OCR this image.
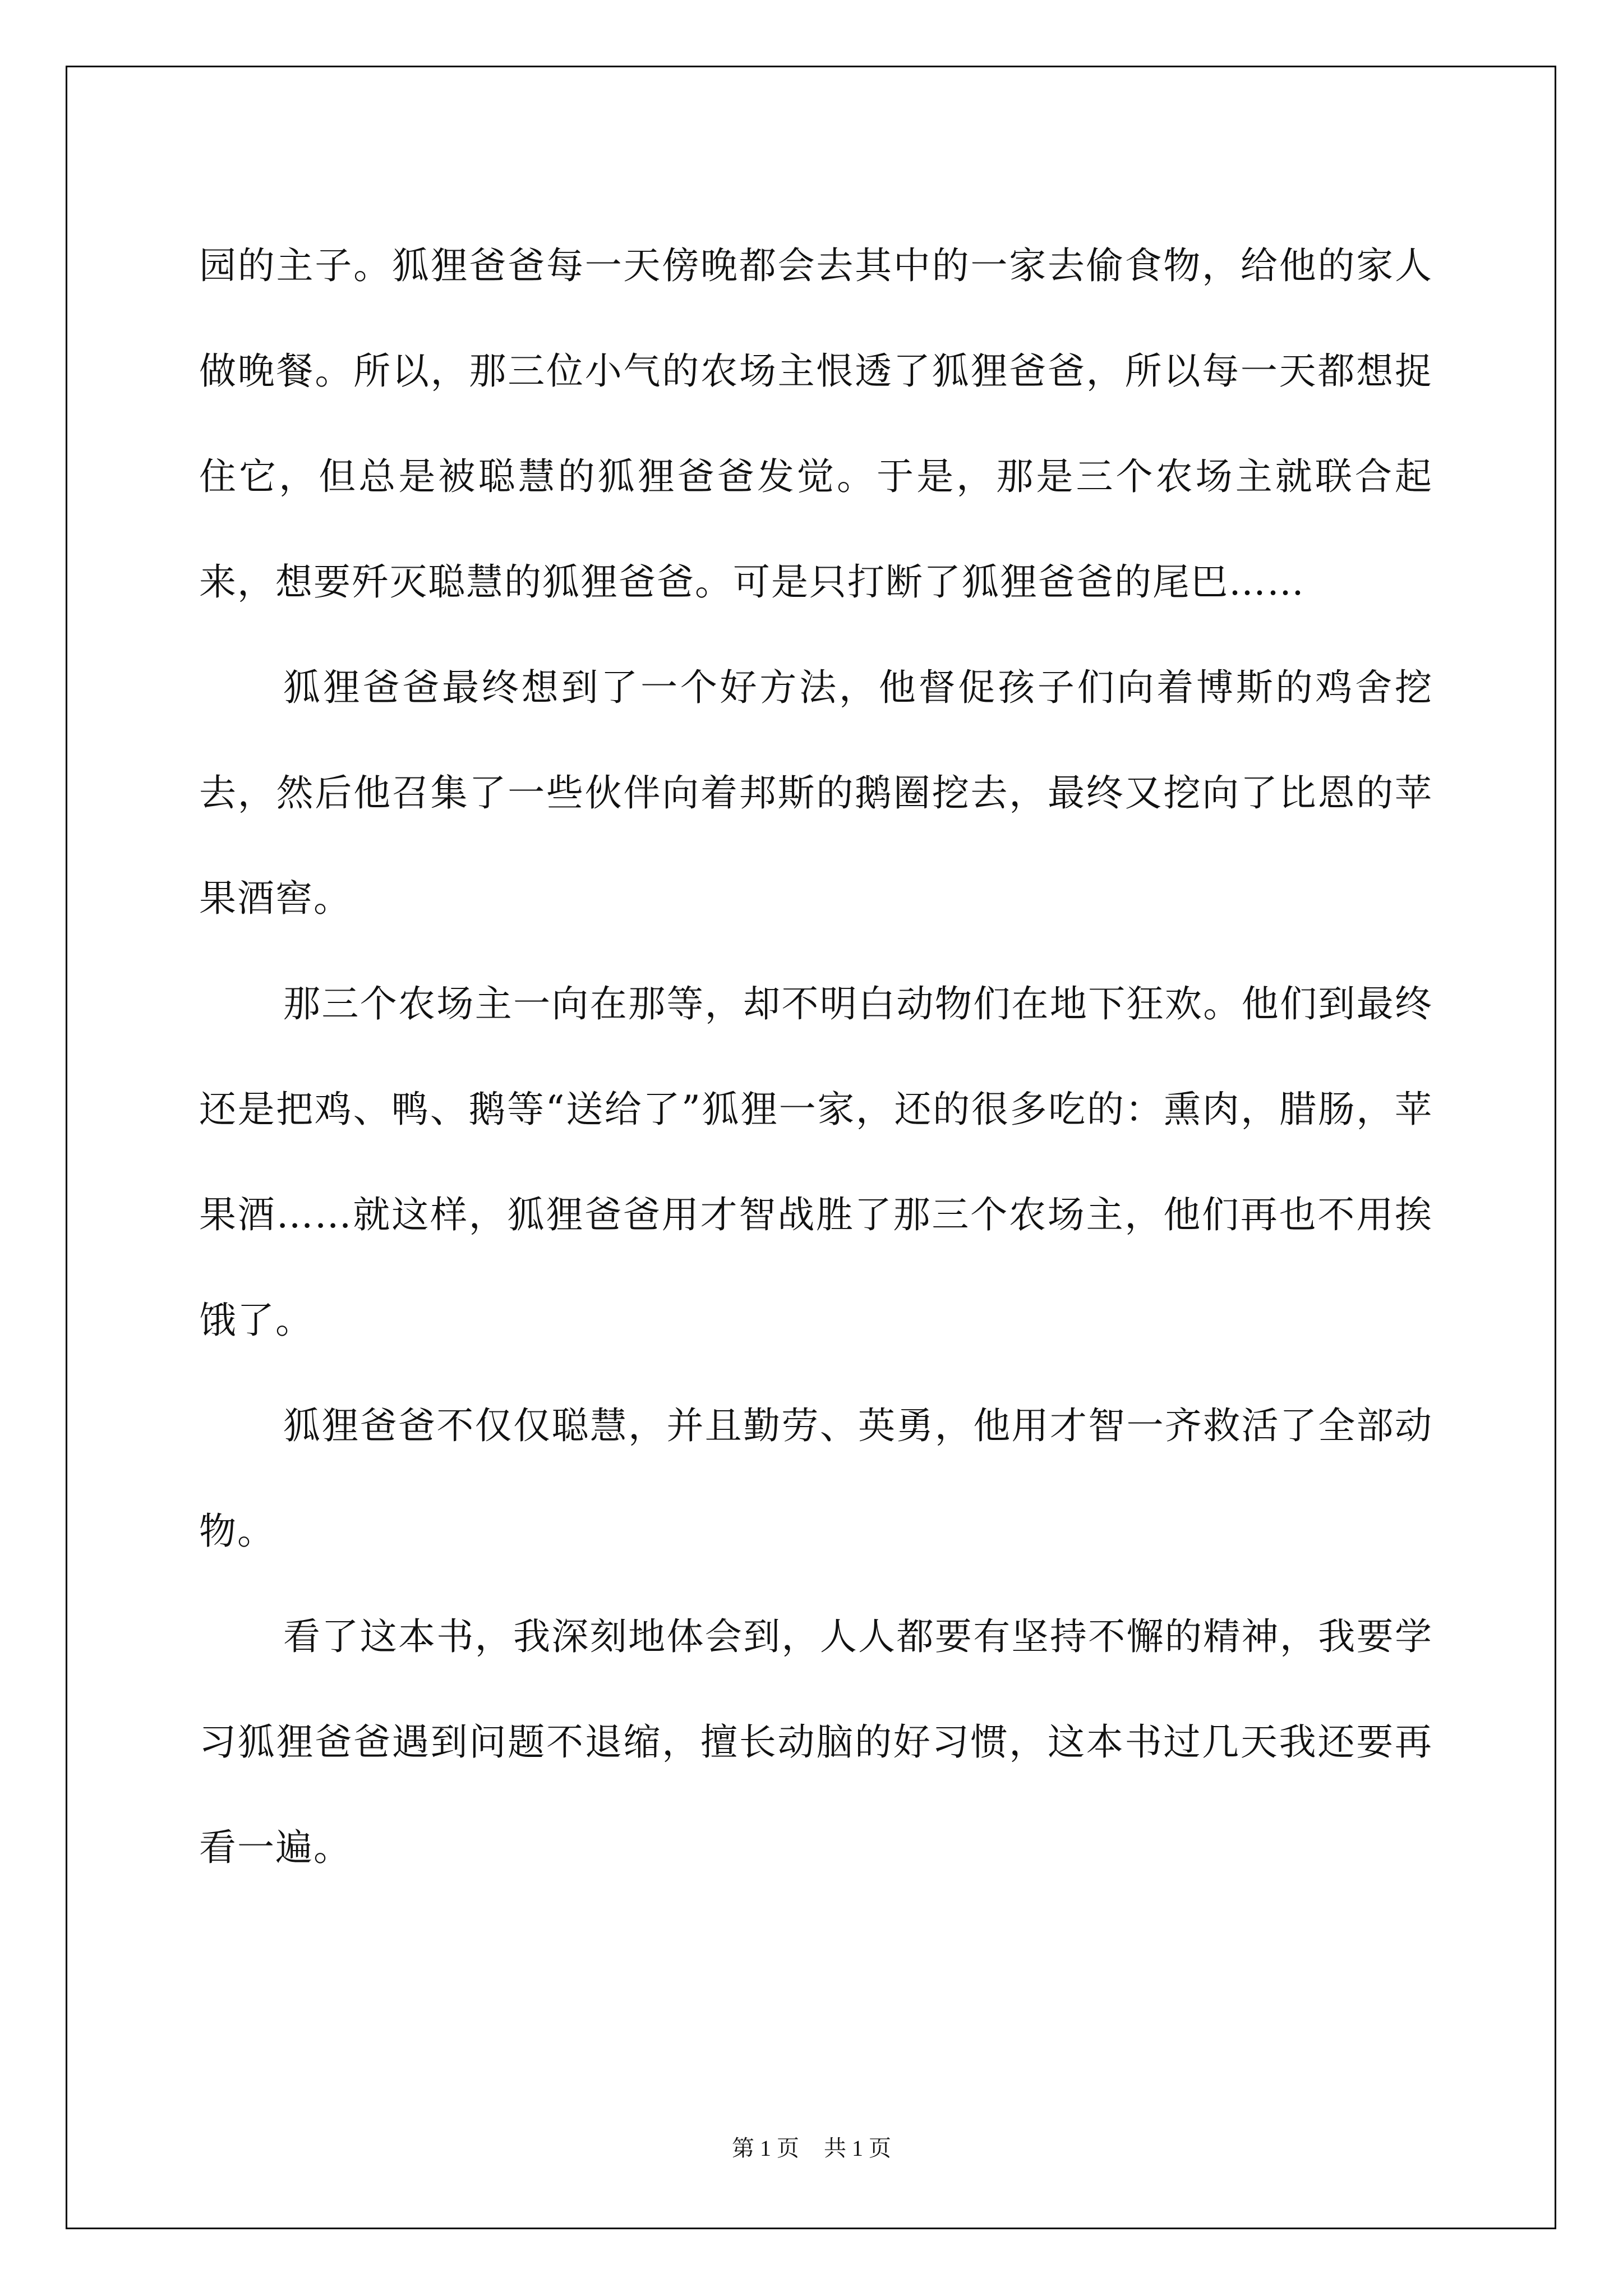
园的主子。狐狸爸爸每一天傍晚都会去其中的一家去偷食物，给他的家人做晚餐。所以，那三位小气的农场主恨透了狐狸爸爸，所以每一天都想捉住它，但总是被聪慧的狐狸爸爸发觉。于是，那是三个农场主就联合起来，想要歼灭聪慧的狐狸爸爸。可是只打断了狐狸爸爸的尾巴……

狐狸爸爸最终想到了一个好方法，他督促孩子们向着博斯的鸡舍挖去，然后他召集了一些伙伴向着邦斯的鹅圈挖去，最终又挖向了比恩的苹果酒窖。

那三个农场主一向在那等，却不明白动物们在地下狂欢。他们到最终还是把鸡、鸭、鹅等“送给了”狐狸一家，还的很多吃的：熏肉，腊肠，苹果酒……就这样，狐狸爸爸用才智战胜了那三个农场主，他们再也不用挨饿了。

狐狸爸爸不仅仅聪慧，并且勤劳、英勇，他用才智一齐救活了全部动物。

看了这本书，我深刻地体会到，人人都要有坚持不懈的精神，我要学习狐狸爸爸遇到问题不退缩，擅长动脑的好习惯，这本书过几天我还要再看一遍。

第 1 页 共 1 页
